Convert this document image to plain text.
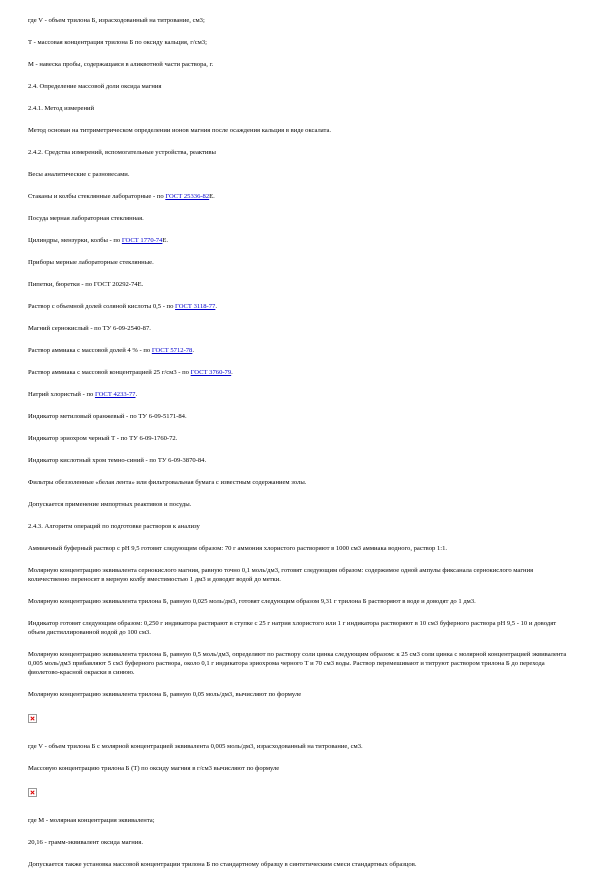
где V - объем трилона Б, израсходованный на титрование, см3;

Т - массовая концентрация трилона Б по оксиду кальция, г/см3;

М - навеска пробы, содержащаяся в аликвотной части раствора, г.

2.4. Определение массовой доли оксида магния

2.4.1. Метод измерений

Метод основан на титриметрическом определении ионов магния после осаждения кальция в виде оксалата.

2.4.2. Средства измерений, вспомогательные устройства, реактивы

Весы аналитические с разновесами.

Стаканы и колбы стеклянные лабораторные - по ГОСТ 25336-82Е.

Посуда мерная лабораторная стеклянная.

Цилиндры, мензурки, колбы - по ГОСТ 1770-74Е.

Приборы мерные лабораторные стеклянные.

Пипетки, бюретки - по ГОСТ 20292-74Е.

Раствор с объемной долей соляной кислоты 0,5 - по ГОСТ 3118-77.

Магний сернокислый - по ТУ 6-09-2540-87.

Раствор аммиака с массовой долей 4 % - по ГОСТ 5712-78.

Раствор аммиака с массовой концентрацией 25 г/см3 - по ГОСТ 3760-79.

Натрий хлористый - по ГОСТ 4233-77.

Индикатор метиловый оранжевый - по ТУ 6-09-5171-84.

Индикатор эриохром черный Т - по ТУ 6-09-1760-72.

Индикатор кислотный хром темно-синий - по ТУ 6-09-3870-84.

Фильтры обеззоленные «белая лента» или фильтровальная бумага с известным содержанием золы.

Допускается применение импортных реактивов и посуды.

2.4.3. Алгоритм операций по подготовке растворов к анализу

Аммиачный буферный раствор с pH 9,5 готовят следующим образом: 70 г аммония хлористого растворяют в 1000 см3 аммиака водного, раствор 1:1.

Молярную концентрацию эквивалента сернокислого магния, равную точно 0,1 моль/дм3, готовят следующим образом: содержимое одной ампулы фиксанала сернокислого магния количественно переносят в мерную колбу вместимостью 1 дм3 и доводят водой до метки.

Молярную концентрацию эквивалента трилона Б, равную 0,025 моль/дм3, готовят следующим образом 9,31 г трилона Б растворяют в воде и доводят до 1 дм3.

Индикатор готовят следующим образом: 0,250 г индикатора растирают в ступке с 25 г натрия хлористого или 1 г индикатора растворяют в 10 см3 буферного раствора pH 9,5 - 10 и доводят объем дистиллированной водой до 100 см3.

Молярную концентрацию эквивалента трилона Б, равную 0,5 моль/дм3, определяют по раствору соли цинка следующим образом: к 25 см3 соли цинка с молярной концентрацией эквивалента 0,005 моль/дм3 прибавляют 5 см3 буферного раствора, около 0,1 г индикатора эриохрома черного Т и 70 см3 воды. Раствор перемешивают и титруют раствором трилона Б до перехода фиолетово-красной окраски в синюю.

Молярную концентрацию эквивалента трилона Б, равную 0,05 моль/дм3, вычисляют по формуле

где V - объем трилона Б с молярной концентрацией эквивалента 0,005 моль/дм3, израсходованный на титрование, см3.

Массовую концентрацию трилона Б (Т) по оксиду магния в г/см3 вычисляют по формуле

где М - молярная концентрация эквивалента;

20,16 - грамм-эквивалент оксида магния.

Допускается также установка массовой концентрации трилона Б по стандартному образцу в синтетическим смеси стандартных образцов.
